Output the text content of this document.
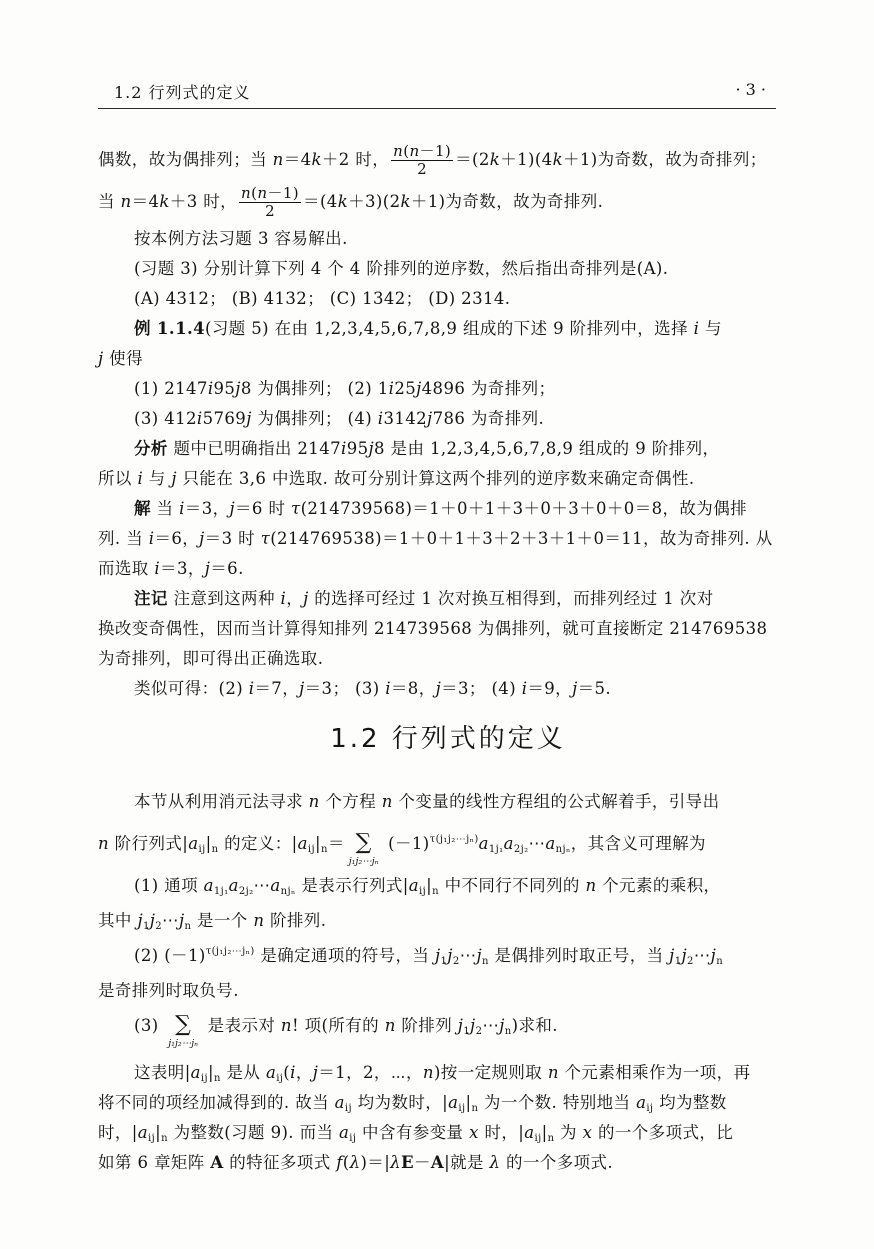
1.2 行列式的定义	· 3 ·
偶数，故为偶排列；当 n＝4k＋2 时， $\frac{n(n-1)}{2} =(2k+1)(4k+1)$为奇数，故为奇排列；
当 n＝4k＋3 时， $\frac{n(n-1)}{2} =(4k+3)(2k+1)$为奇数，故为奇排列.
按本例方法习题 3 容易解出.
(习题 3) 分别计算下列 4 个 4 阶排列的逆序数，然后指出奇排列是(A).
(A) 4312； (B) 4132； (C) 1342； (D) 2314.
例 1.1.4(习题 5) 在由 1,2,3,4,5,6,7,8,9 组成的下述 9 阶排列中，选择 i 与
j 使得
(1) 2147i95j8 为偶排列； (2) 1i25j4896 为奇排列；
(3) 412i5769j 为偶排列； (4) i3142j786 为奇排列.
分析 题中已明确指出 2147i95j8 是由 1,2,3,4,5,6,7,8,9 组成的 9 阶排列，
所以 i 与 j 只能在 3,6 中选取. 故可分别计算这两个排列的逆序数来确定奇偶性.
解 当 i＝3，j＝6 时 τ(214739568)＝1＋0＋1＋3＋0＋3＋0＋0＝8，故为偶排
列. 当 i＝6，j＝3 时 τ(214769538)＝1＋0＋1＋3＋2＋3＋1＋0＝11，故为奇排列. 从
而选取 i＝3，j＝6.
注记 注意到这两种 i，j 的选择可经过 1 次对换互相得到，而排列经过 1 次对
换改变奇偶性，因而当计算得知排列 214739568 为偶排列，就可直接断定 214769538
为奇排列，即可得出正确选取.
类似可得：(2) i＝7，j＝3； (3) i＝8，j＝3； (4) i＝9，j＝5.
1.2 行列式的定义
本节从利用消元法寻求 n 个方程 n 个变量的线性方程组的公式解着手，引导出
n 阶行列式$|a_{ij}|_n$ 的定义：$|a_{ij}|_n=$ ∑
j₁j₂⋯jₙ
$(-1)^{\tau(j_1j_2\cdots j_n)}a_{1j_1}a_{2j_2}\cdots a_{nj_n}$，其含义可理解为
(1) 通项 $a_{1j_1}a_{2j_2}\cdots a_{nj_n}$ 是表示行列式$|a_{ij}|_n$ 中不同行不同列的 n 个元素的乘积，
其中 $j_1j_2\cdots j_n$ 是一个 n 阶排列.
(2) $(-1)^{\tau(j_1j_2\cdots j_n)}$ 是确定通项的符号，当 $j_1j_2\cdots j_n$ 是偶排列时取正号，当 $j_1j_2\cdots j_n$
是奇排列时取负号.
(3) ∑
j₁j₂⋯jₙ
是表示对 n! 项(所有的 n 阶排列 $j_1j_2\cdots j_n$)求和.
这表明$|a_{ij}|_n$ 是从 $a_{ij}(i$，j＝1，2，⋯，n)按一定规则取 n 个元素相乘作为一项，再
将不同的项经加减得到的. 故当 $a_{ij}$ 均为数时，$|a_{ij}|_n$ 为一个数. 特别地当 $a_{ij}$ 均为整数
时，$|a_{ij}|_n$ 为整数(习题 9). 而当 $a_{ij}$ 中含有参变量 x 时，$|a_{ij}|_n$ 为 x 的一个多项式，比
如第 6 章矩阵 A 的特征多项式 f(λ)＝|λE－A|就是 λ 的一个多项式.
